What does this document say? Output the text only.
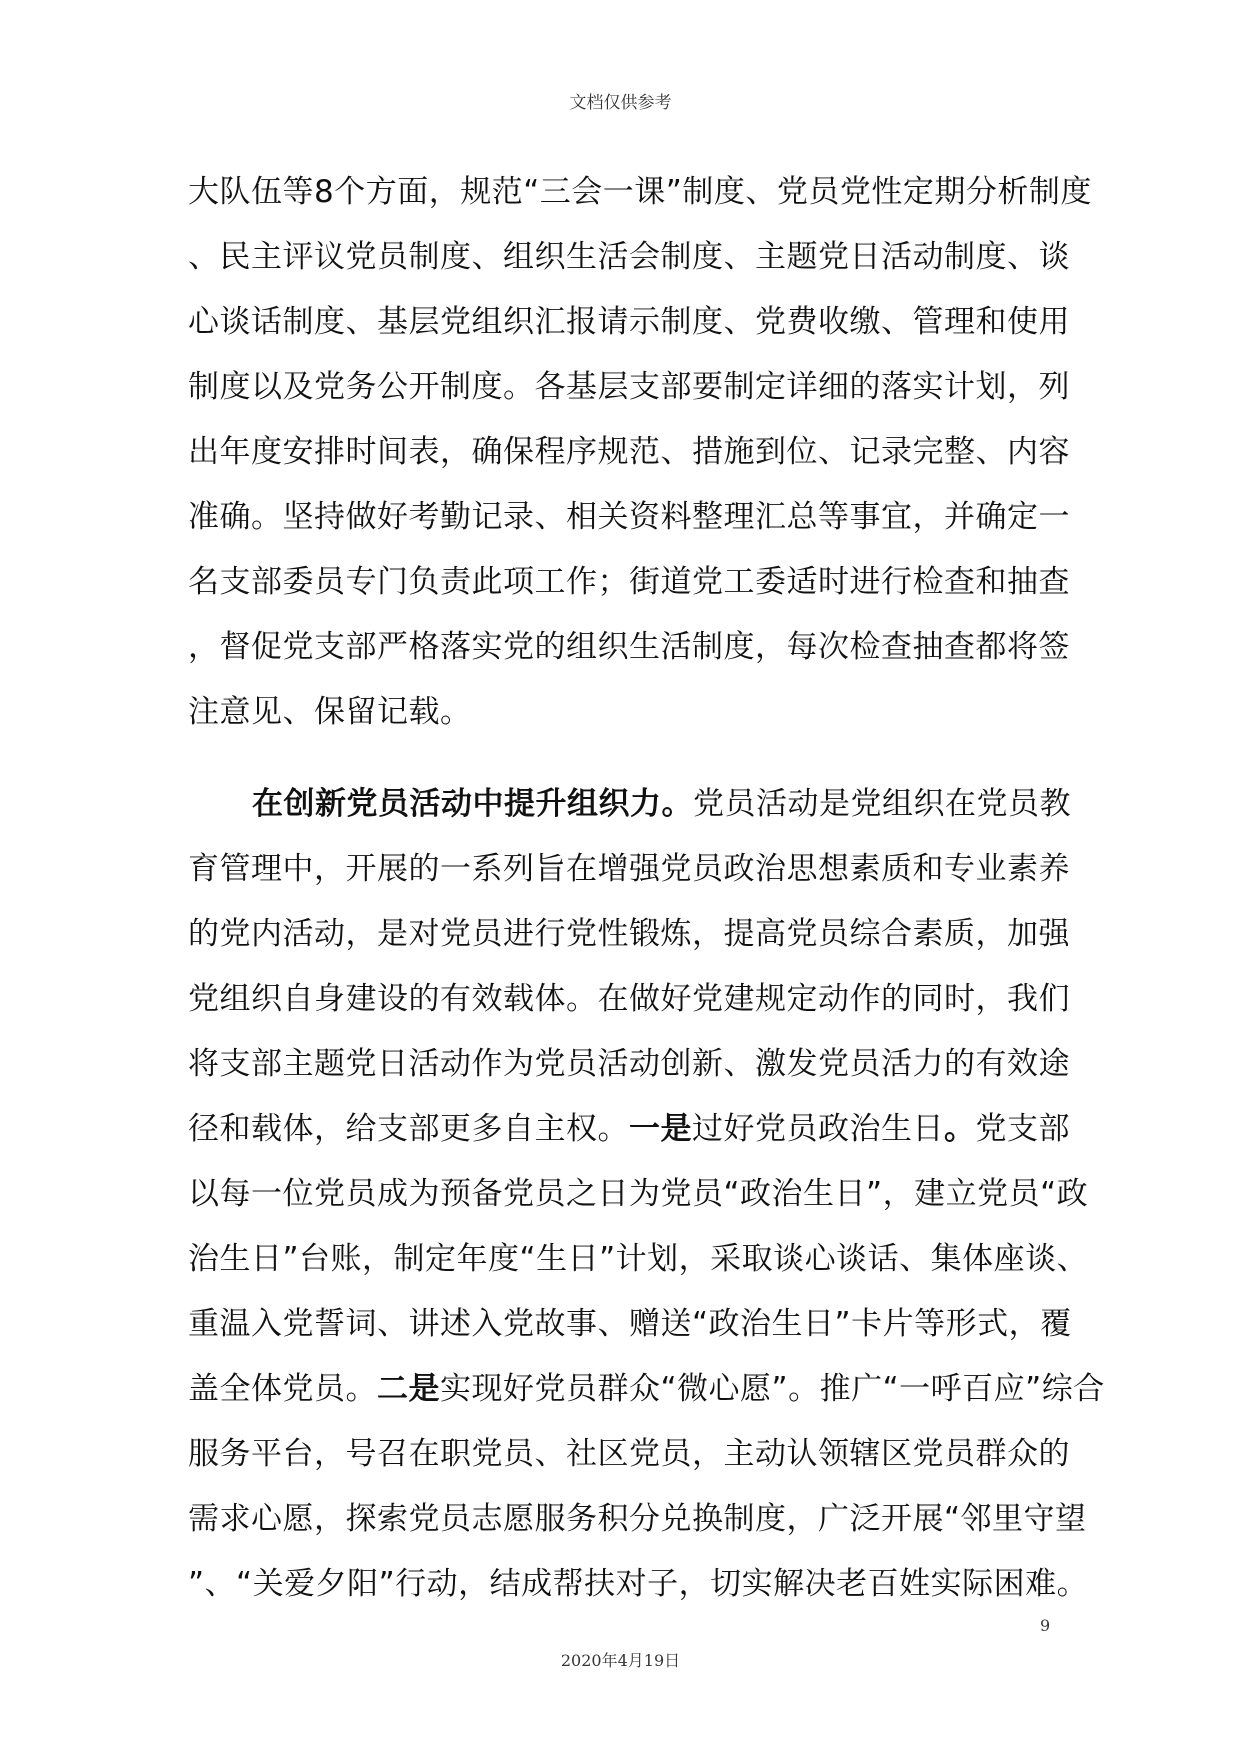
文档仅供参考
大队伍等8个方面，规范“三会一课”制度、党员党性定期分析制度
、民主评议党员制度、组织生活会制度、主题党日活动制度、谈
心谈话制度、基层党组织汇报请示制度、党费收缴、管理和使用
制度以及党务公开制度。各基层支部要制定详细的落实计划，列
出年度安排时间表，确保程序规范、措施到位、记录完整、内容
准确。坚持做好考勤记录、相关资料整理汇总等事宜，并确定一
名支部委员专门负责此项工作；街道党工委适时进行检查和抽查
，督促党支部严格落实党的组织生活制度，每次检查抽查都将签
注意见、保留记载。
在创新党员活动中提升组织力。党员活动是党组织在党员教
育管理中，开展的一系列旨在增强党员政治思想素质和专业素养
的党内活动，是对党员进行党性锻炼，提高党员综合素质，加强
党组织自身建设的有效载体。在做好党建规定动作的同时，我们
将支部主题党日活动作为党员活动创新、激发党员活力的有效途
径和载体，给支部更多自主权。一是过好党员政治生日。党支部
以每一位党员成为预备党员之日为党员“政治生日”，建立党员“政
治生日”台账，制定年度“生日”计划，采取谈心谈话、集体座谈、
重温入党誓词、讲述入党故事、赠送“政治生日”卡片等形式，覆
盖全体党员。二是实现好党员群众“微心愿”。推广“一呼百应”综合
服务平台，号召在职党员、社区党员，主动认领辖区党员群众的
需求心愿，探索党员志愿服务积分兑换制度，广泛开展“邻里守望
”、“关爱夕阳”行动，结成帮扶对子，切实解决老百姓实际困难。
9
2020年4月19日
